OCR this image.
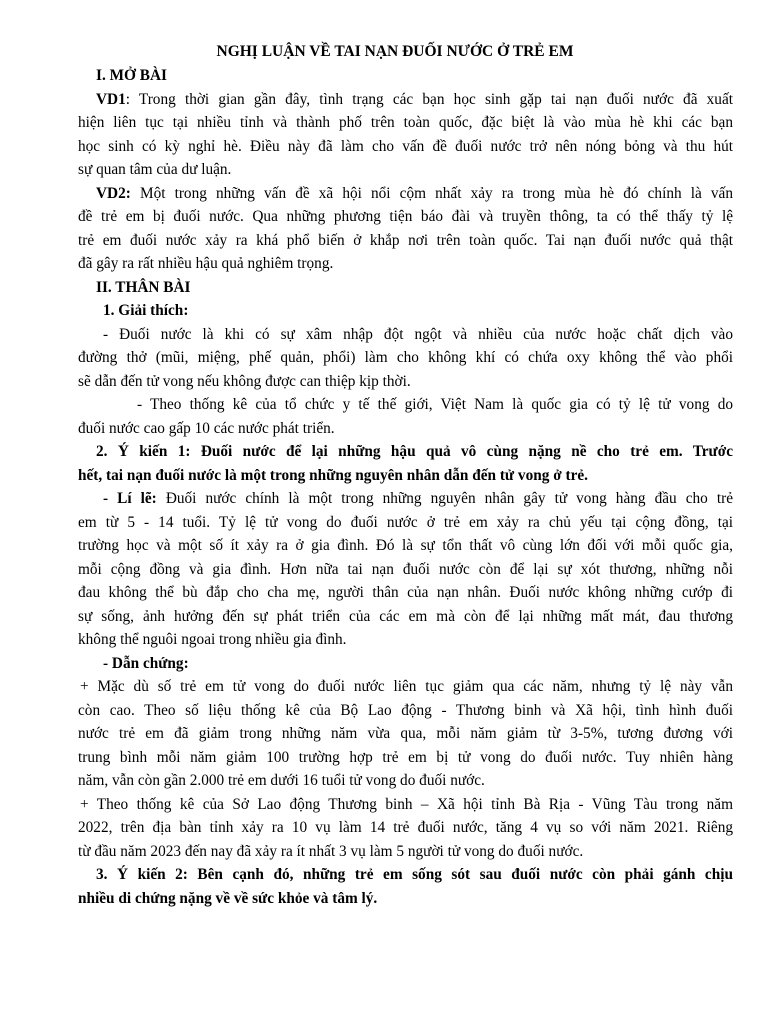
NGHỊ LUẬN VỀ TAI NẠN ĐUỐI NƯỚC Ở TRẺ EM
I. MỞ BÀI
VD1: Trong thời gian gần đây, tình trạng các bạn học sinh gặp tai nạn đuối nước đã xuất
hiện liên tục tại nhiều tỉnh và thành phố trên toàn quốc, đặc biệt là vào mùa hè khi các bạn
học sinh có kỳ nghỉ hè. Điều này đã làm cho vấn đề đuối nước trở nên nóng bỏng và thu hút
sự quan tâm của dư luận.
VD2: Một trong những vấn đề xã hội nổi cộm nhất xảy ra trong mùa hè đó chính là vấn
đề trẻ em bị đuối nước. Qua những phương tiện báo đài và truyền thông, ta có thể thấy tỷ lệ
trẻ em đuối nước xảy ra khá phổ biến ở khắp nơi trên toàn quốc. Tai nạn đuối nước quả thật
đã gây ra rất nhiều hậu quả nghiêm trọng.
II. THÂN BÀI
1. Giải thích:
- Đuối nước là khi có sự xâm nhập đột ngột và nhiều của nước hoặc chất dịch vào
đường thở (mũi, miệng, phế quản, phổi) làm cho không khí có chứa oxy không thể vào phổi
sẽ dẫn đến tử vong nếu không được can thiệp kịp thời.
- Theo thống kê của tổ chức y tế thế giới, Việt Nam là quốc gia có tỷ lệ tử vong do
đuối nước cao gấp 10 các nước phát triển.
2. Ý kiến 1: Đuối nước để lại những hậu quả vô cùng nặng nề cho trẻ em. Trước
hết, tai nạn đuối nước là một trong những nguyên nhân dẫn đến tử vong ở trẻ.
- Lí lẽ: Đuối nước chính là một trong những nguyên nhân gây tử vong hàng đầu cho trẻ
em từ 5 - 14 tuổi. Tỷ lệ tử vong do đuối nước ở trẻ em xảy ra chủ yếu tại cộng đồng, tại
trường học và một số ít xảy ra ở gia đình. Đó là sự tổn thất vô cùng lớn đối với mỗi quốc gia,
mỗi cộng đồng và gia đình. Hơn nữa tai nạn đuối nước còn để lại sự xót thương, những nỗi
đau không thể bù đắp cho cha mẹ, người thân của nạn nhân. Đuối nước không những cướp đi
sự sống, ảnh hưởng đến sự phát triển của các em mà còn để lại những mất mát, đau thương
không thể nguôi ngoai trong nhiều gia đình.
- Dẫn chứng:
+ Mặc dù số trẻ em tử vong do đuối nước liên tục giảm qua các năm, nhưng tỷ lệ này vẫn
còn cao. Theo số liệu thống kê của Bộ Lao động - Thương binh và Xã hội, tình hình đuối
nước trẻ em đã giảm trong những năm vừa qua, mỗi năm giảm từ 3-5%, tương đương với
trung bình mỗi năm giảm 100 trường hợp trẻ em bị tử vong do đuối nước. Tuy nhiên hàng
năm, vẫn còn gần 2.000 trẻ em dưới 16 tuổi tử vong do đuối nước.
+ Theo thống kê của Sở Lao động Thương binh – Xã hội tỉnh Bà Rịa - Vũng Tàu trong năm
2022, trên địa bàn tỉnh xảy ra 10 vụ làm 14 trẻ đuối nước, tăng 4 vụ so với năm 2021. Riêng
từ đầu năm 2023 đến nay đã xảy ra ít nhất 3 vụ làm 5 người tử vong do đuối nước.
3. Ý kiến 2: Bên cạnh đó, những trẻ em sống sót sau đuối nước còn phải gánh chịu
nhiều di chứng nặng về về sức khỏe và tâm lý.
